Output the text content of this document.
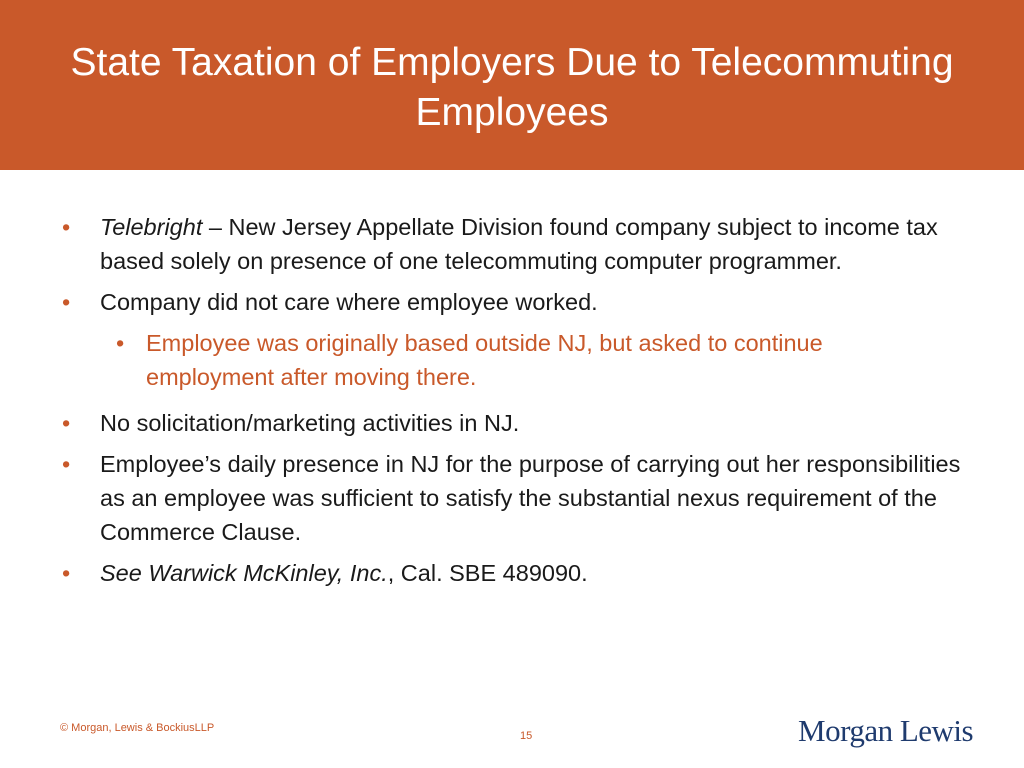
State Taxation of Employers Due to Telecommuting Employees
• Telebright – New Jersey Appellate Division found company subject to income tax based solely on presence of one telecommuting computer programmer.
• Company did not care where employee worked.
• Employee was originally based outside NJ, but asked to continue employment after moving there.
• No solicitation/marketing activities in NJ.
• Employee’s daily presence in NJ for the purpose of carrying out her responsibilities as an employee was sufficient to satisfy the substantial nexus requirement of the Commerce Clause.
• See Warwick McKinley, Inc., Cal. SBE 489090.
© Morgan, Lewis & BockiusLLP
15	Morgan Lewis
